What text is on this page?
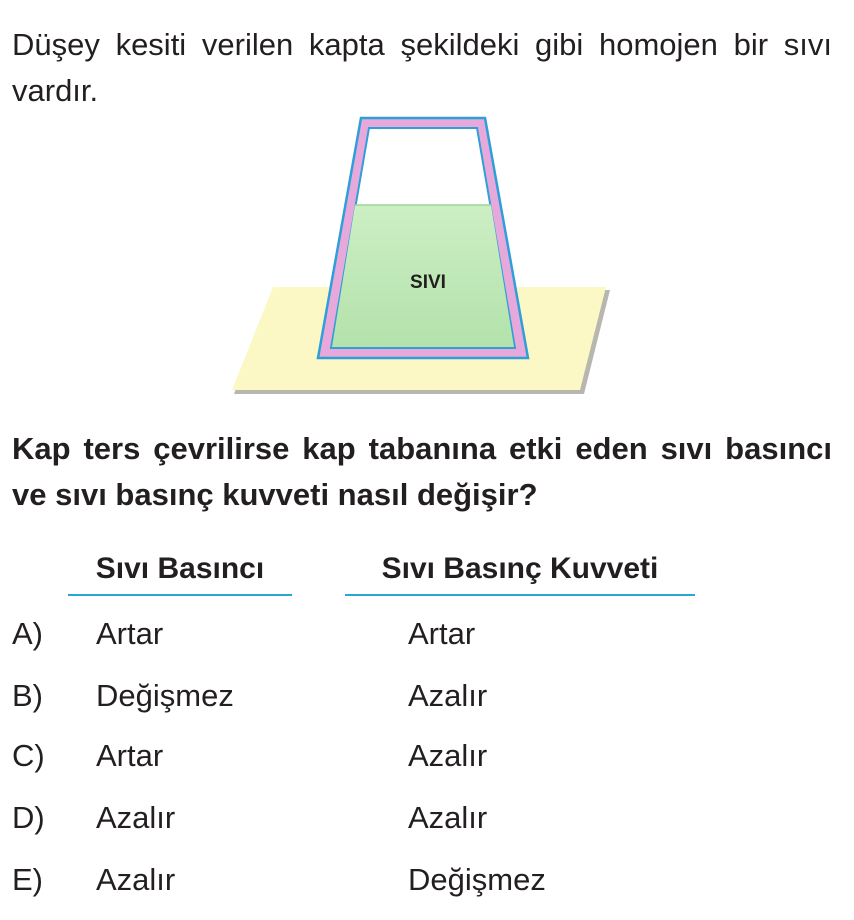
Düşey kesiti verilen kapta şekildeki gibi homojen bir sıvı vardır.

SIVI

Kap ters çevrilirse kap tabanına etki eden sıvı basıncı ve sıvı basınç kuvveti nasıl değişir?

Sıvı Basıncı	Sıvı Basınç Kuvveti
A) Artar	Artar
B) Değişmez	Azalır
C) Artar	Azalır
D) Azalır	Azalır
E) Azalır	Değişmez
